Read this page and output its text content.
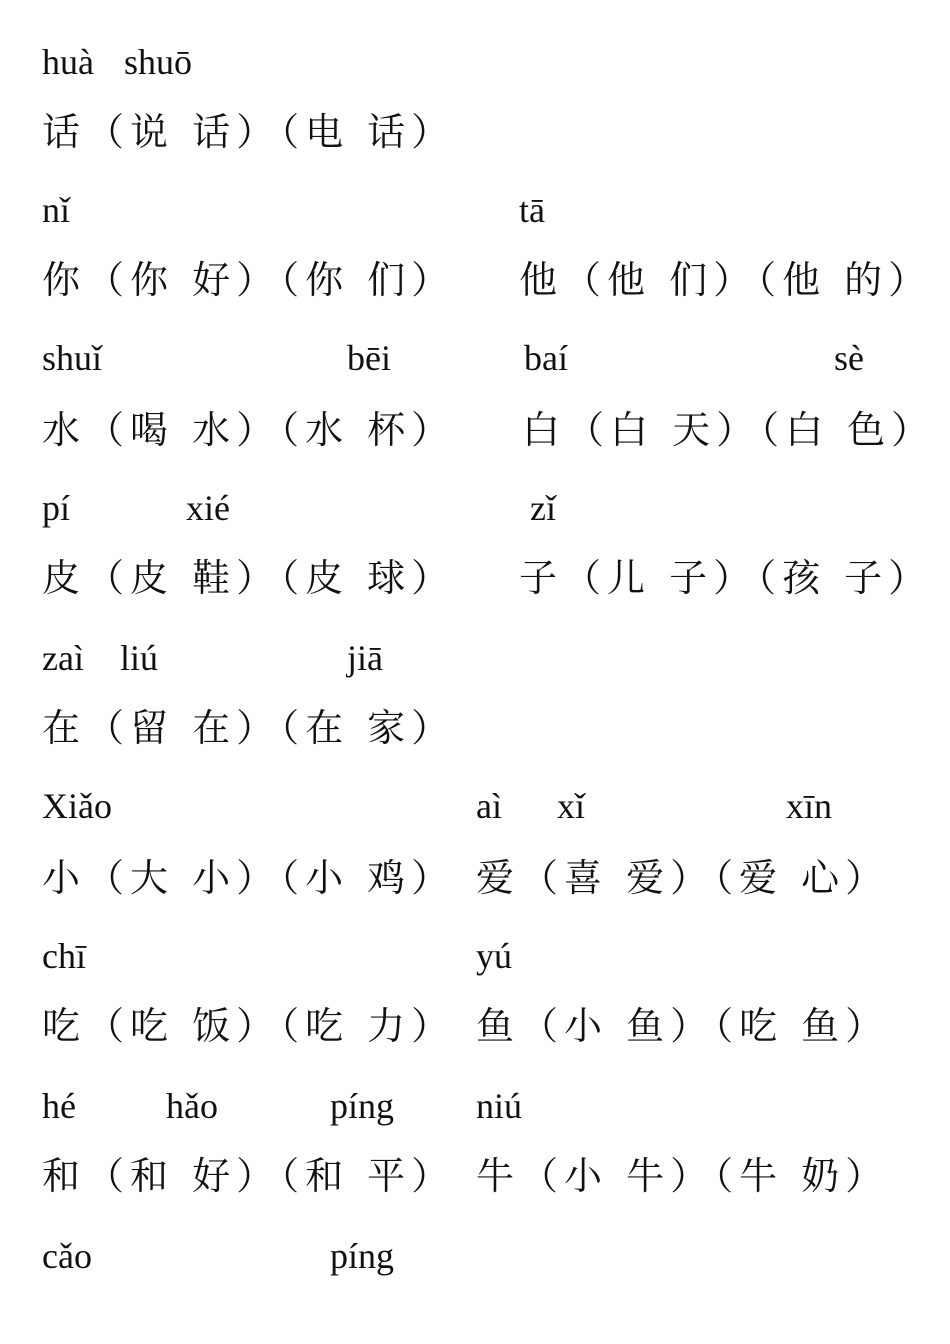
huà shuō
话（说 话）（电 话）
nǐ
你（你 好）（你 们）
tā
他（他 们）（他 的）
shuǐ	bēi
水（喝 水）（水 杯）
baí	sè
白（白 天）（白 色）
pí	xié
皮（皮 鞋）（皮 球）
zǐ
子（儿 子）（孩 子）
zaì liú	jiā
在（留 在）（在 家）
Xiǎo
小（大 小）（小 鸡）
aì xǐ	xīn
爱（喜 爱）（爱 心）
chī
吃（吃 饭）（吃 力）
yú
鱼（小 鱼）（吃 鱼）
hé	hǎo	píng
和（和 好）（和 平）
niú
牛（小 牛）（牛 奶）
cǎo	píng
